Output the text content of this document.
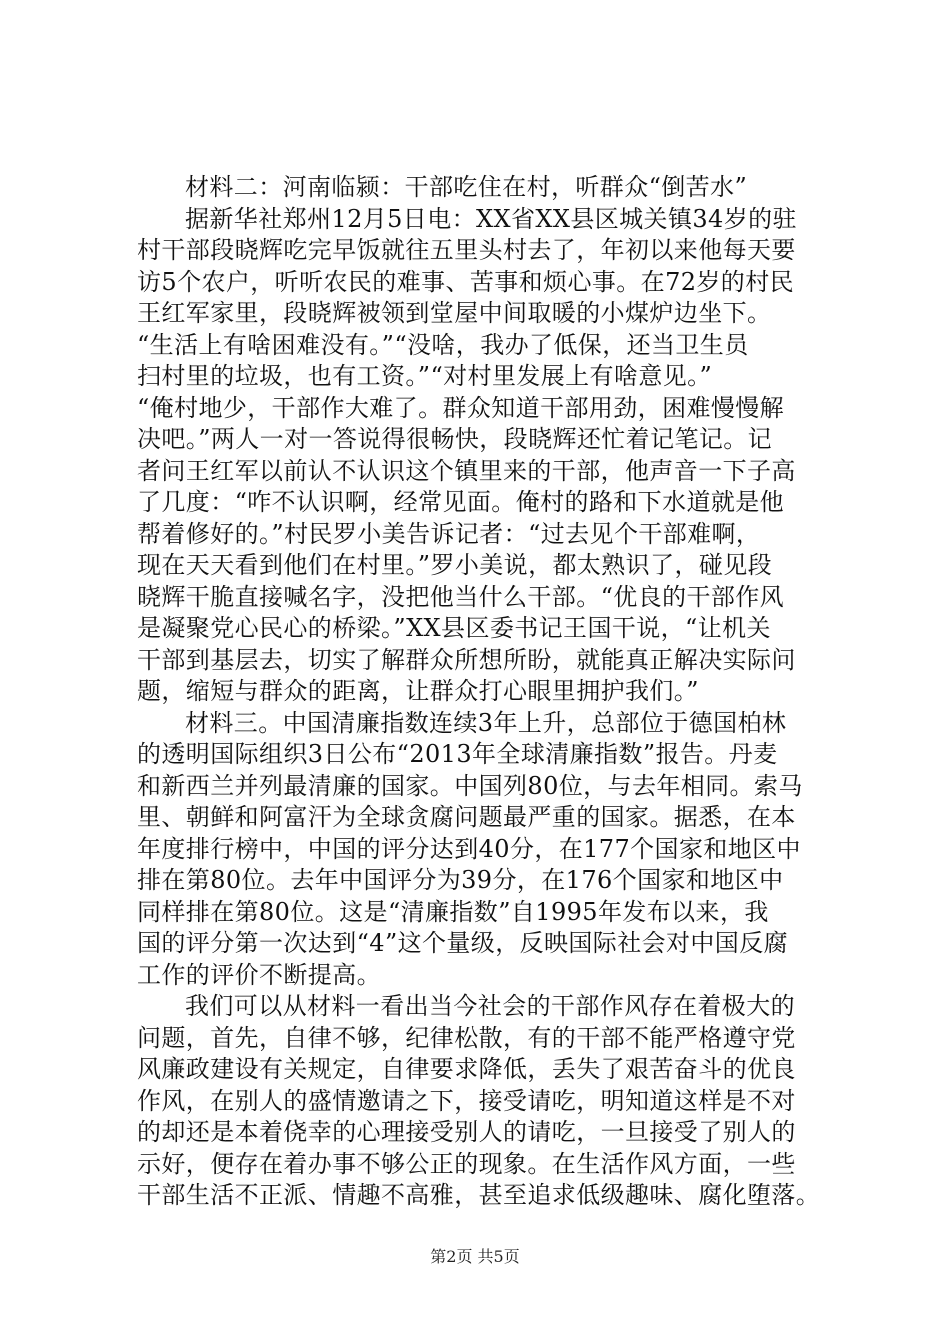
材料二：河南临颍：干部吃住在村，听群众“倒苦水”
据新华社郑州12月5日电：XX省XX县区城关镇34岁的驻
村干部段晓辉吃完早饭就往五里头村去了，年初以来他每天要
访5个农户，听听农民的难事、苦事和烦心事。在72岁的村民
王红军家里，段晓辉被领到堂屋中间取暖的小煤炉边坐下。
“生活上有啥困难没有。”“没啥，我办了低保，还当卫生员
扫村里的垃圾，也有工资。”“对村里发展上有啥意见。”
“俺村地少，干部作大难了。群众知道干部用劲，困难慢慢解
决吧。”两人一对一答说得很畅快，段晓辉还忙着记笔记。记
者问王红军以前认不认识这个镇里来的干部，他声音一下子高
了几度：“咋不认识啊，经常见面。俺村的路和下水道就是他
帮着修好的。”村民罗小美告诉记者：“过去见个干部难啊，
现在天天看到他们在村里。”罗小美说，都太熟识了，碰见段
晓辉干脆直接喊名字，没把他当什么干部。“优良的干部作风
是凝聚党心民心的桥梁。”XX县区委书记王国干说，“让机关
干部到基层去，切实了解群众所想所盼，就能真正解决实际问
题，缩短与群众的距离，让群众打心眼里拥护我们。”
材料三。中国清廉指数连续3年上升，总部位于德国柏林
的透明国际组织3日公布“2013年全球清廉指数”报告。丹麦
和新西兰并列最清廉的国家。中国列80位，与去年相同。索马
里、朝鲜和阿富汗为全球贪腐问题最严重的国家。据悉，在本
年度排行榜中，中国的评分达到40分，在177个国家和地区中
排在第80位。去年中国评分为39分，在176个国家和地区中
同样排在第80位。这是“清廉指数”自1995年发布以来，我
国的评分第一次达到“4”这个量级，反映国际社会对中国反腐
工作的评价不断提高。
我们可以从材料一看出当今社会的干部作风存在着极大的
问题，首先，自律不够，纪律松散，有的干部不能严格遵守党
风廉政建设有关规定，自律要求降低，丢失了艰苦奋斗的优良
作风，在别人的盛情邀请之下，接受请吃，明知道这样是不对
的却还是本着侥幸的心理接受别人的请吃，一旦接受了别人的
示好，便存在着办事不够公正的现象。在生活作风方面，一些
干部生活不正派、情趣不高雅，甚至追求低级趣味、腐化堕落。
第2页 共5页
